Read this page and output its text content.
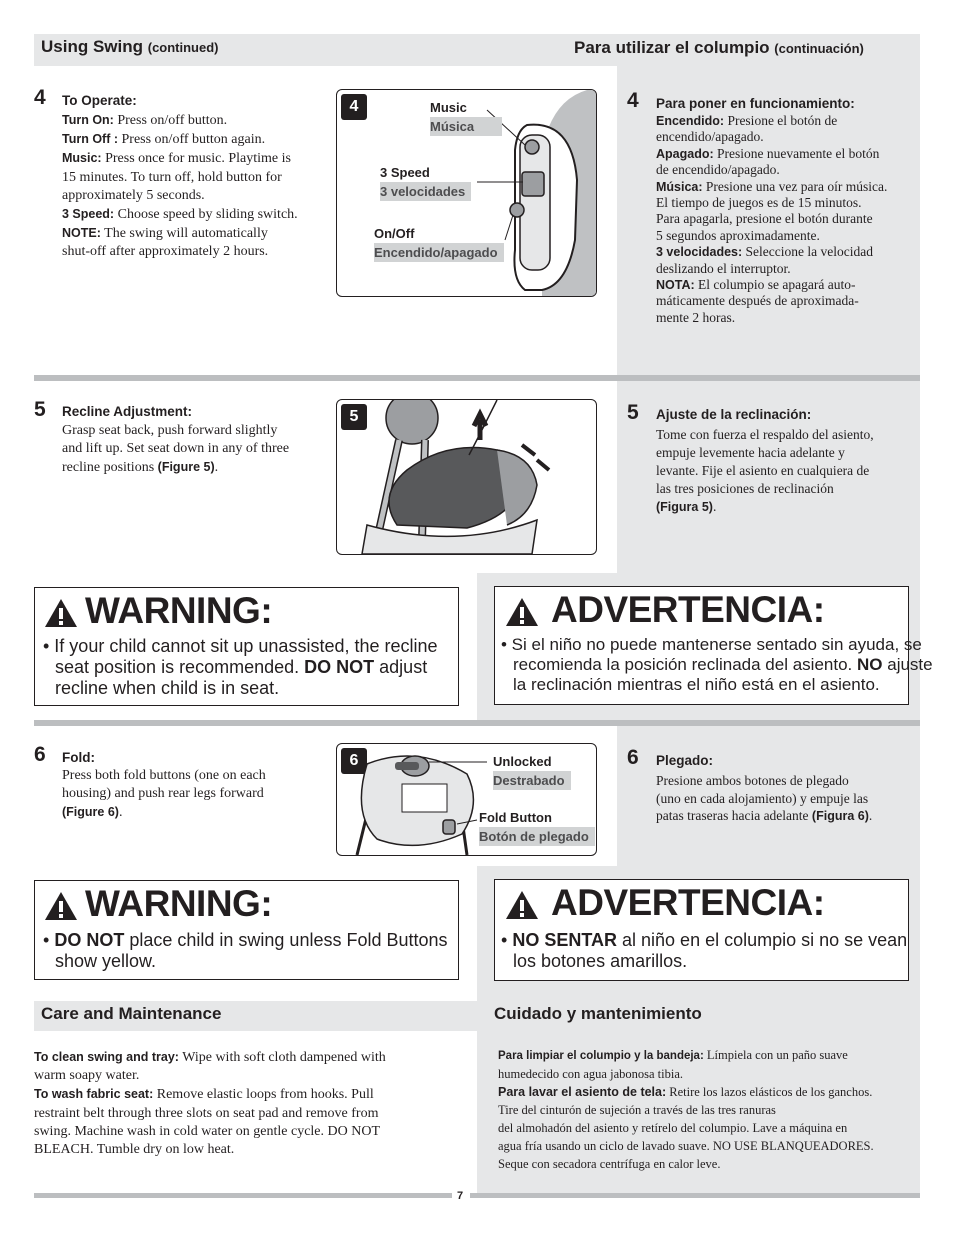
Using Swing (continued)	Para utilizar el columpio (continuación)
4 To Operate:
Turn On: Press on/off button.
Turn Off : Press on/off button again.
Music: Press once for music. Playtime is
15 minutes. To turn off, hold button for
approximately 5 seconds.
3 Speed: Choose speed by sliding switch.
NOTE: The swing will automatically
shut-off after approximately 2 hours.
4	Music
Música
3 Speed
3 velocidades
On/Off
Encendido/apagado
4 Para poner en funcionamiento:
Encendido: Presione el botón de
encendido/apagado.
Apagado: Presione nuevamente el botón
de encendido/apagado.
Música: Presione una vez para oír música.
El tiempo de juegos es de 15 minutos.
Para apagarla, presione el botón durante
5 segundos aproximadamente.
3 velocidades: Seleccione la velocidad
deslizando el interruptor.
NOTA: El columpio se apagará auto-
máticamente después de aproximada-
mente 2 horas.
5 Recline Adjustment:
Grasp seat back, push forward slightly
and lift up. Set seat down in any of three
recline positions (Figure 5).
5	5 Ajuste de la reclinación:
Tome con fuerza el respaldo del asiento,
empuje levemente hacia adelante y
levante. Fije el asiento en cualquiera de
las tres posiciones de reclinación
(Figura 5).
WARNING:
• If your child cannot sit up unassisted, the recline
seat position is recommended. DO NOT adjust
recline when child is in seat.
ADVERTENCIA:
• Si el niño no puede mantenerse sentado sin ayuda, se
recomienda la posición reclinada del asiento. NO ajuste
la reclinación mientras el niño está en el asiento.
6 Fold:
Press both fold buttons (one on each
housing) and push rear legs forward
(Figure 6).
6	Unlocked
Destrabado
Fold Button
Botón de plegado
6 Plegado:
Presione ambos botones de plegado
(uno en cada alojamiento) y empuje las
patas traseras hacia adelante (Figura 6).
WARNING:
• DO NOT place child in swing unless Fold Buttons
show yellow.
ADVERTENCIA:
• NO SENTAR al niño en el columpio si no se vean
los botones amarillos.
Care and Maintenance	Cuidado y mantenimiento
To clean swing and tray: Wipe with soft cloth dampened with
warm soapy water.
To wash fabric seat: Remove elastic loops from hooks. Pull
restraint belt through three slots on seat pad and remove from
swing. Machine wash in cold water on gentle cycle. DO NOT
BLEACH. Tumble dry on low heat.
Para limpiar el columpio y la bandeja: Límpiela con un paño suave
humedecido con agua jabonosa tibia.
Para lavar el asiento de tela: Retire los lazos elásticos de los ganchos.
Tire del cinturón de sujeción a través de las tres ranuras
del almohadón del asiento y retírelo del columpio. Lave a máquina en
agua fría usando un ciclo de lavado suave. NO USE BLANQUEADORES.
Seque con secadora centrífuga en calor leve.
7
